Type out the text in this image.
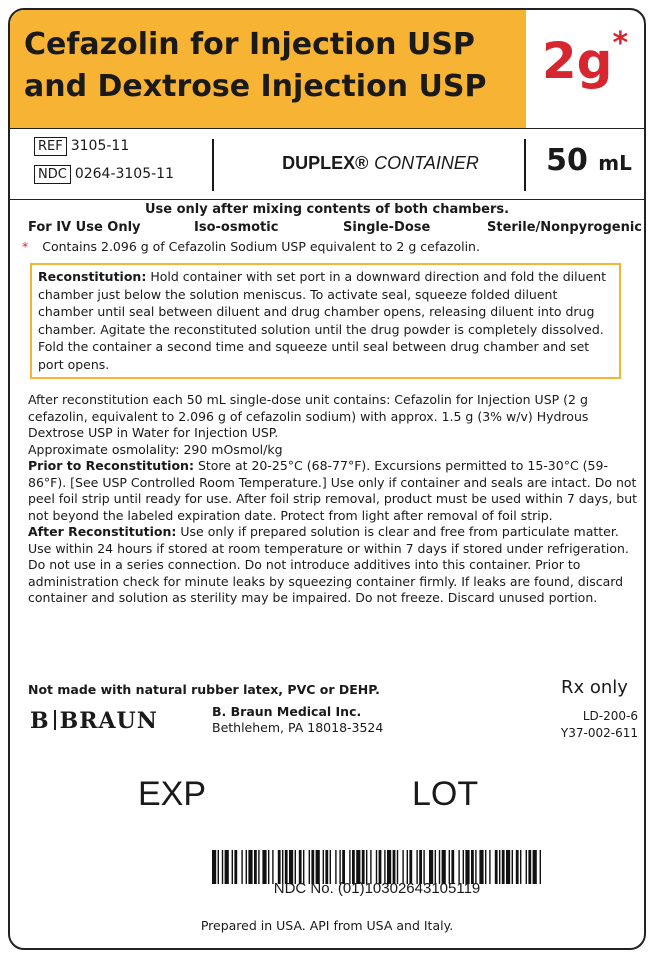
Cefazolin for Injection USP
and Dextrose Injection USP	2g*
REF 3105-11
NDC 0264-3105-11
DUPLEX® CONTAINER	50 mL
Use only after mixing contents of both chambers.
For IV Use Only	Iso-osmotic	Single-Dose	Sterile/Nonpyrogenic
* Contains 2.096 g of Cefazolin Sodium USP equivalent to 2 g cefazolin.
Reconstitution: Hold container with set port in a downward direction and fold the diluent chamber just below the solution meniscus. To activate seal, squeeze folded diluent chamber until seal between diluent and drug chamber opens, releasing diluent into drug chamber. Agitate the reconstituted solution until the drug powder is completely dissolved. Fold the container a second time and squeeze until seal between drug chamber and set port opens.

After reconstitution each 50 mL single-dose unit contains: Cefazolin for Injection USP (2 g cefazolin, equivalent to 2.096 g of cefazolin sodium) with approx. 1.5 g (3% w/v) Hydrous Dextrose USP in Water for Injection USP.

Approximate osmolality: 290 mOsmol/kg

Prior to Reconstitution: Store at 20-25°C (68-77°F). Excursions permitted to 15-30°C (59-86°F). [See USP Controlled Room Temperature.] Use only if container and seals are intact. Do not peel foil strip until ready for use. After foil strip removal, product must be used within 7 days, but not beyond the labeled expiration date. Protect from light after removal of foil strip.

After Reconstitution: Use only if prepared solution is clear and free from particulate matter. Use within 24 hours if stored at room temperature or within 7 days if stored under refrigeration. Do not use in a series connection. Do not introduce additives into this container. Prior to administration check for minute leaks by squeezing container firmly. If leaks are found, discard container and solution as sterility may be impaired. Do not freeze. Discard unused portion.

Not made with natural rubber latex, PVC or DEHP.	Rx only
B BRAUN	B. Braun Medical Inc.
Bethlehem, PA 18018-3524
LD-200-6
Y37-002-611
EXP	LOT
NDC No. (01)10302643105119
Prepared in USA. API from USA and Italy.
